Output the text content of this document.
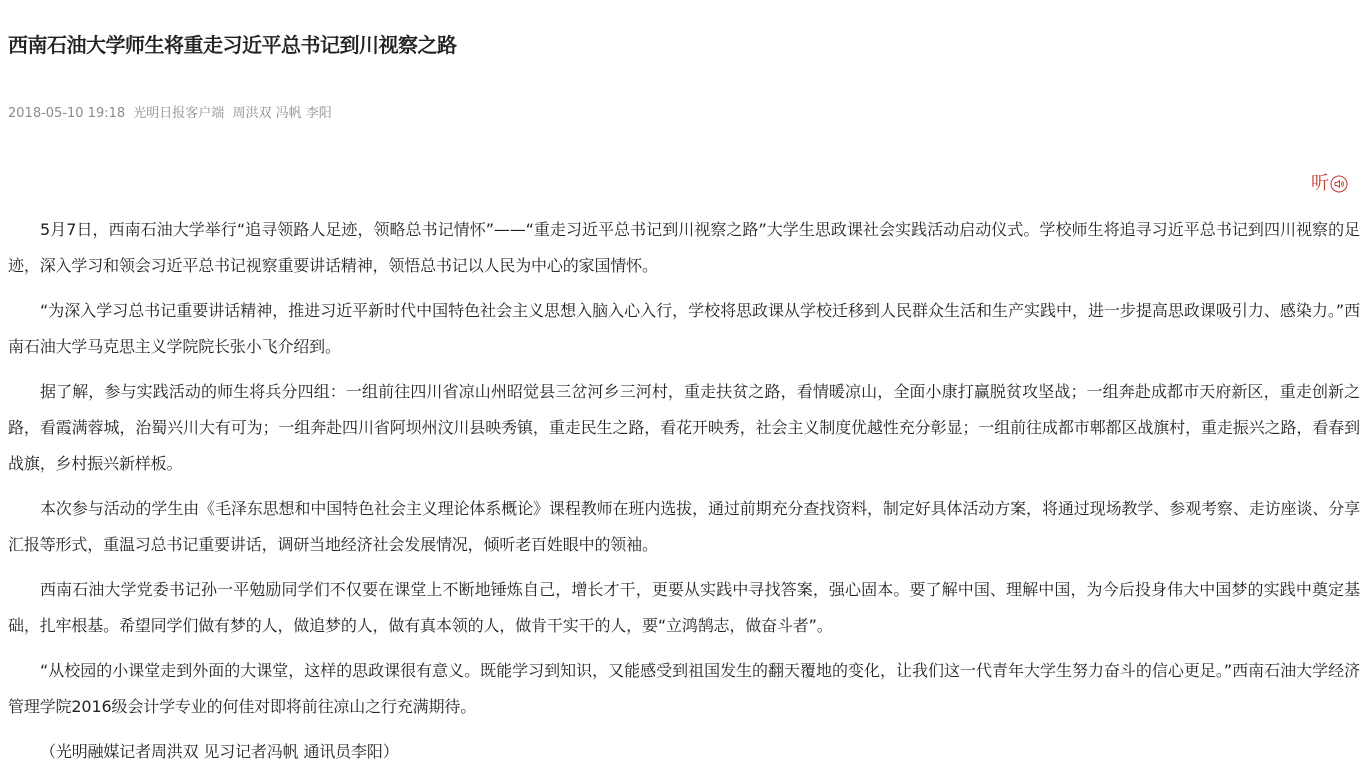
西南石油大学师生将重走习近平总书记到川视察之路
2018-05-10 19:18 光明日报客户端 周洪双 冯帆 李阳
听

5月7日，西南石油大学举行“追寻领路人足迹，领略总书记情怀”——“重走习近平总书记到川视察之路”大学生思政课社会实践活动启动仪式。学校师生将追寻习近平总书记到四川视察的足迹，深入学习和领会习近平总书记视察重要讲话精神，领悟总书记以人民为中心的家国情怀。

“为深入学习总书记重要讲话精神，推进习近平新时代中国特色社会主义思想入脑入心入行，学校将思政课从学校迁移到人民群众生活和生产实践中，进一步提高思政课吸引力、感染力。”西南石油大学马克思主义学院院长张小飞介绍到。

据了解，参与实践活动的师生将兵分四组：一组前往四川省凉山州昭觉县三岔河乡三河村，重走扶贫之路，看情暖凉山，全面小康打赢脱贫攻坚战；一组奔赴成都市天府新区，重走创新之路，看霞满蓉城，治蜀兴川大有可为；一组奔赴四川省阿坝州汶川县映秀镇，重走民生之路，看花开映秀，社会主义制度优越性充分彰显；一组前往成都市郫都区战旗村，重走振兴之路，看春到战旗，乡村振兴新样板。

本次参与活动的学生由《毛泽东思想和中国特色社会主义理论体系概论》课程教师在班内选拔，通过前期充分查找资料，制定好具体活动方案，将通过现场教学、参观考察、走访座谈、分享汇报等形式，重温习总书记重要讲话，调研当地经济社会发展情况，倾听老百姓眼中的领袖。

西南石油大学党委书记孙一平勉励同学们不仅要在课堂上不断地锤炼自己，增长才干，更要从实践中寻找答案，强心固本。要了解中国、理解中国，为今后投身伟大中国梦的实践中奠定基础，扎牢根基。希望同学们做有梦的人，做追梦的人，做有真本领的人，做肯干实干的人，要“立鸿鹄志，做奋斗者”。

“从校园的小课堂走到外面的大课堂，这样的思政课很有意义。既能学习到知识，又能感受到祖国发生的翻天覆地的变化，让我们这一代青年大学生努力奋斗的信心更足。”西南石油大学经济管理学院2016级会计学专业的何佳对即将前往凉山之行充满期待。

（光明融媒记者周洪双 见习记者冯帆 通讯员李阳）
